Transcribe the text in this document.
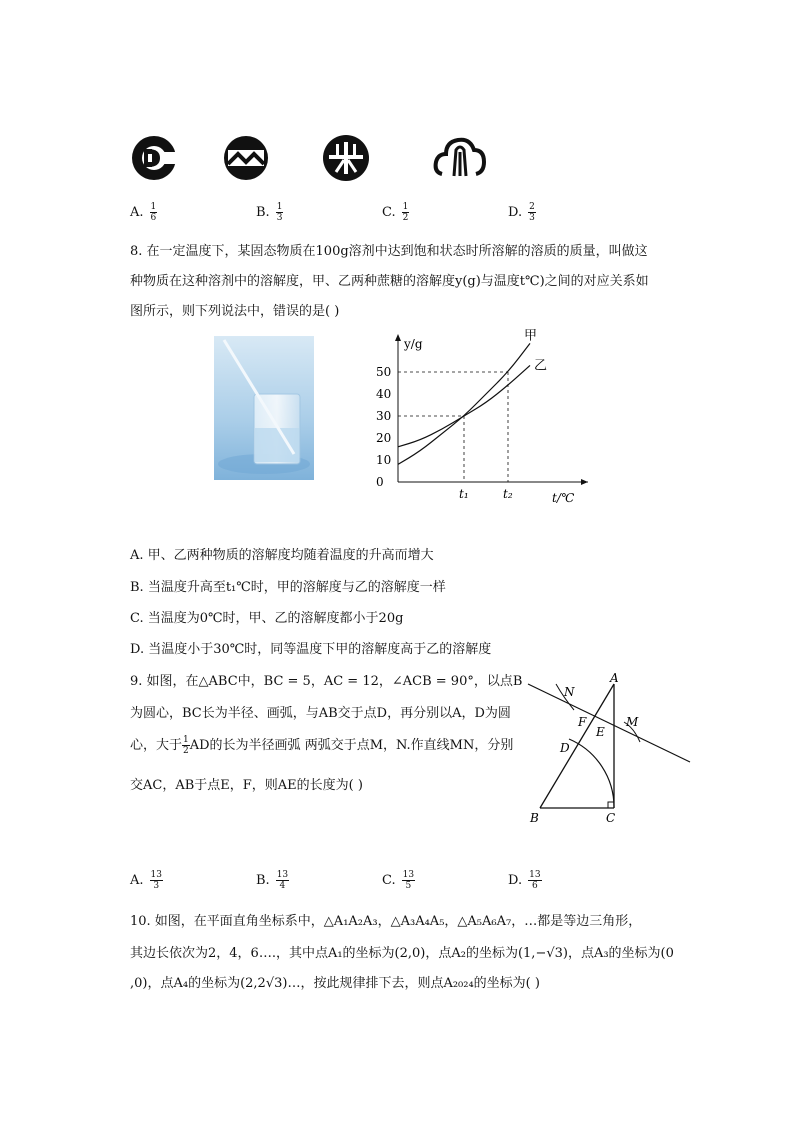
A. $\frac{1}{6}$	B. $\frac{1}{3}$	C. $\frac{1}{2}$	D. $\frac{2}{3}$
8. 在一定温度下，某固态物质在100g溶剂中达到饱和状态时所溶解的溶质的质量，叫做这
种物质在这种溶剂中的溶解度，甲、乙两种蔗糖的溶解度y(g)与温度t℃)之间的对应关系如
图所示，则下列说法中，错误的是( )
y/g
t/℃
0
10
20
30
40
50
甲
乙
t₁	t₂
A. 甲、乙两种物质的溶解度均随着温度的升高而增大
B. 当温度升高至t₁℃时，甲的溶解度与乙的溶解度一样
C. 当温度为0℃时，甲、乙的溶解度都小于20g
D. 当温度小于30℃时，同等温度下甲的溶解度高于乙的溶解度
9. 如图，在△ABC中，BC = 5，AC = 12，∠ACB = 90°，以点B
为圆心，BC长为半径、画弧，与AB交于点D，再分别以A，D为圆
心，大于 $\frac{1}{2}$ AD的长为半径画弧 两弧交于点M，N.作直线MN，分别
交AC，AB于点E，F，则AE的长度为( )
A
B	C
D
E
F	M
N
A. $\frac{13}{3}$	B. $\frac{13}{4}$	C. $\frac{13}{5}$	D. $\frac{13}{6}$
10. 如图，在平面直角坐标系中，△A₁A₂A₃，△A₃A₄A₅，△A₅A₆A₇，…都是等边三角形，
其边长依次为2，4，6….，其中点A₁的坐标为(2,0)，点A₂的坐标为(1,−√3)，点A₃的坐标为(0
,0)，点A₄的坐标为(2,2√3)…，按此规律排下去，则点A₂₀₂₄的坐标为( )
